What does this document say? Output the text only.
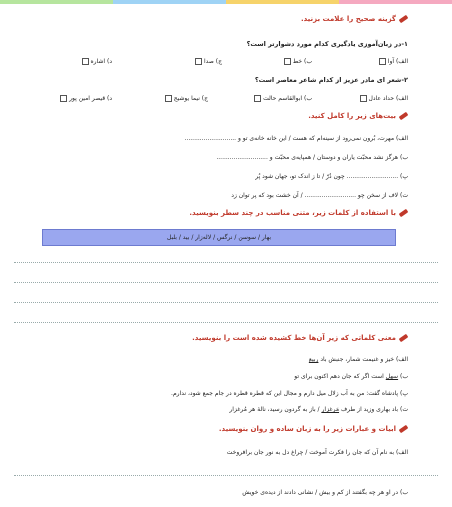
گزینه صحیح را علامت بزنید.
۱-در زبان‌آموزی یادگیری کدام مورد دشوارتر است؟
الف) آوا
ب) خط
ج) صدا
د) اشاره
۲-شعر ای مادر عزیز از کدام شاعر معاصر است؟
الف) حداد عادل
ب) ابوالقاسم حالت
ج) نیما یوشیج
د) قیصر امین پور
بیت‌های زیر را کامل کنید.
الف) مهرت، بُرون نمی‌رود از سینه‌ام که هست / این خانه خانه‌ی تو و ...........................
ب) هرگز نشد محبّت یاران و دوستان / همپایه‌ی محبّت و ...........................
پ) ........................... چون دُرّ / تا ز اندک تو، جهان شود پُر
ت) لاف از سخن چو ........................... / آن خشت بود که پر توان زد
با استفاده از کلمات زیر، متنی مناسب در چند سطر بنویسید.
بهار / سوسن / نرگس / لاله‌زار / بید / بلبل
معنی کلماتی که زیر آن‌ها خط کشیده شده است را بنویسید.
الف) خیز و غنیمت شمار، جنبش باد ربیع
ب) سهل است اگر که جان دهم اکنون برای تو
پ) پادشاه گفت: من به آب زلال میل دارم و مجال این که قطره قطره در جام جمع شود، ندارم.
ت) باد بهاری وزید از طرف مَرغزار / باز به گردون رسید، نالهٔ هر مُرغزار
ابیات و عبارات زیر را به زبان ساده و روان بنویسید.
الف) به نام آن که جان را فکرت آموخت / چراغ دل به نور جان برافروخت
ب) در او هر چه بگفتند از کم و بیش / نشانی دادند از دیده‌ی خویش
